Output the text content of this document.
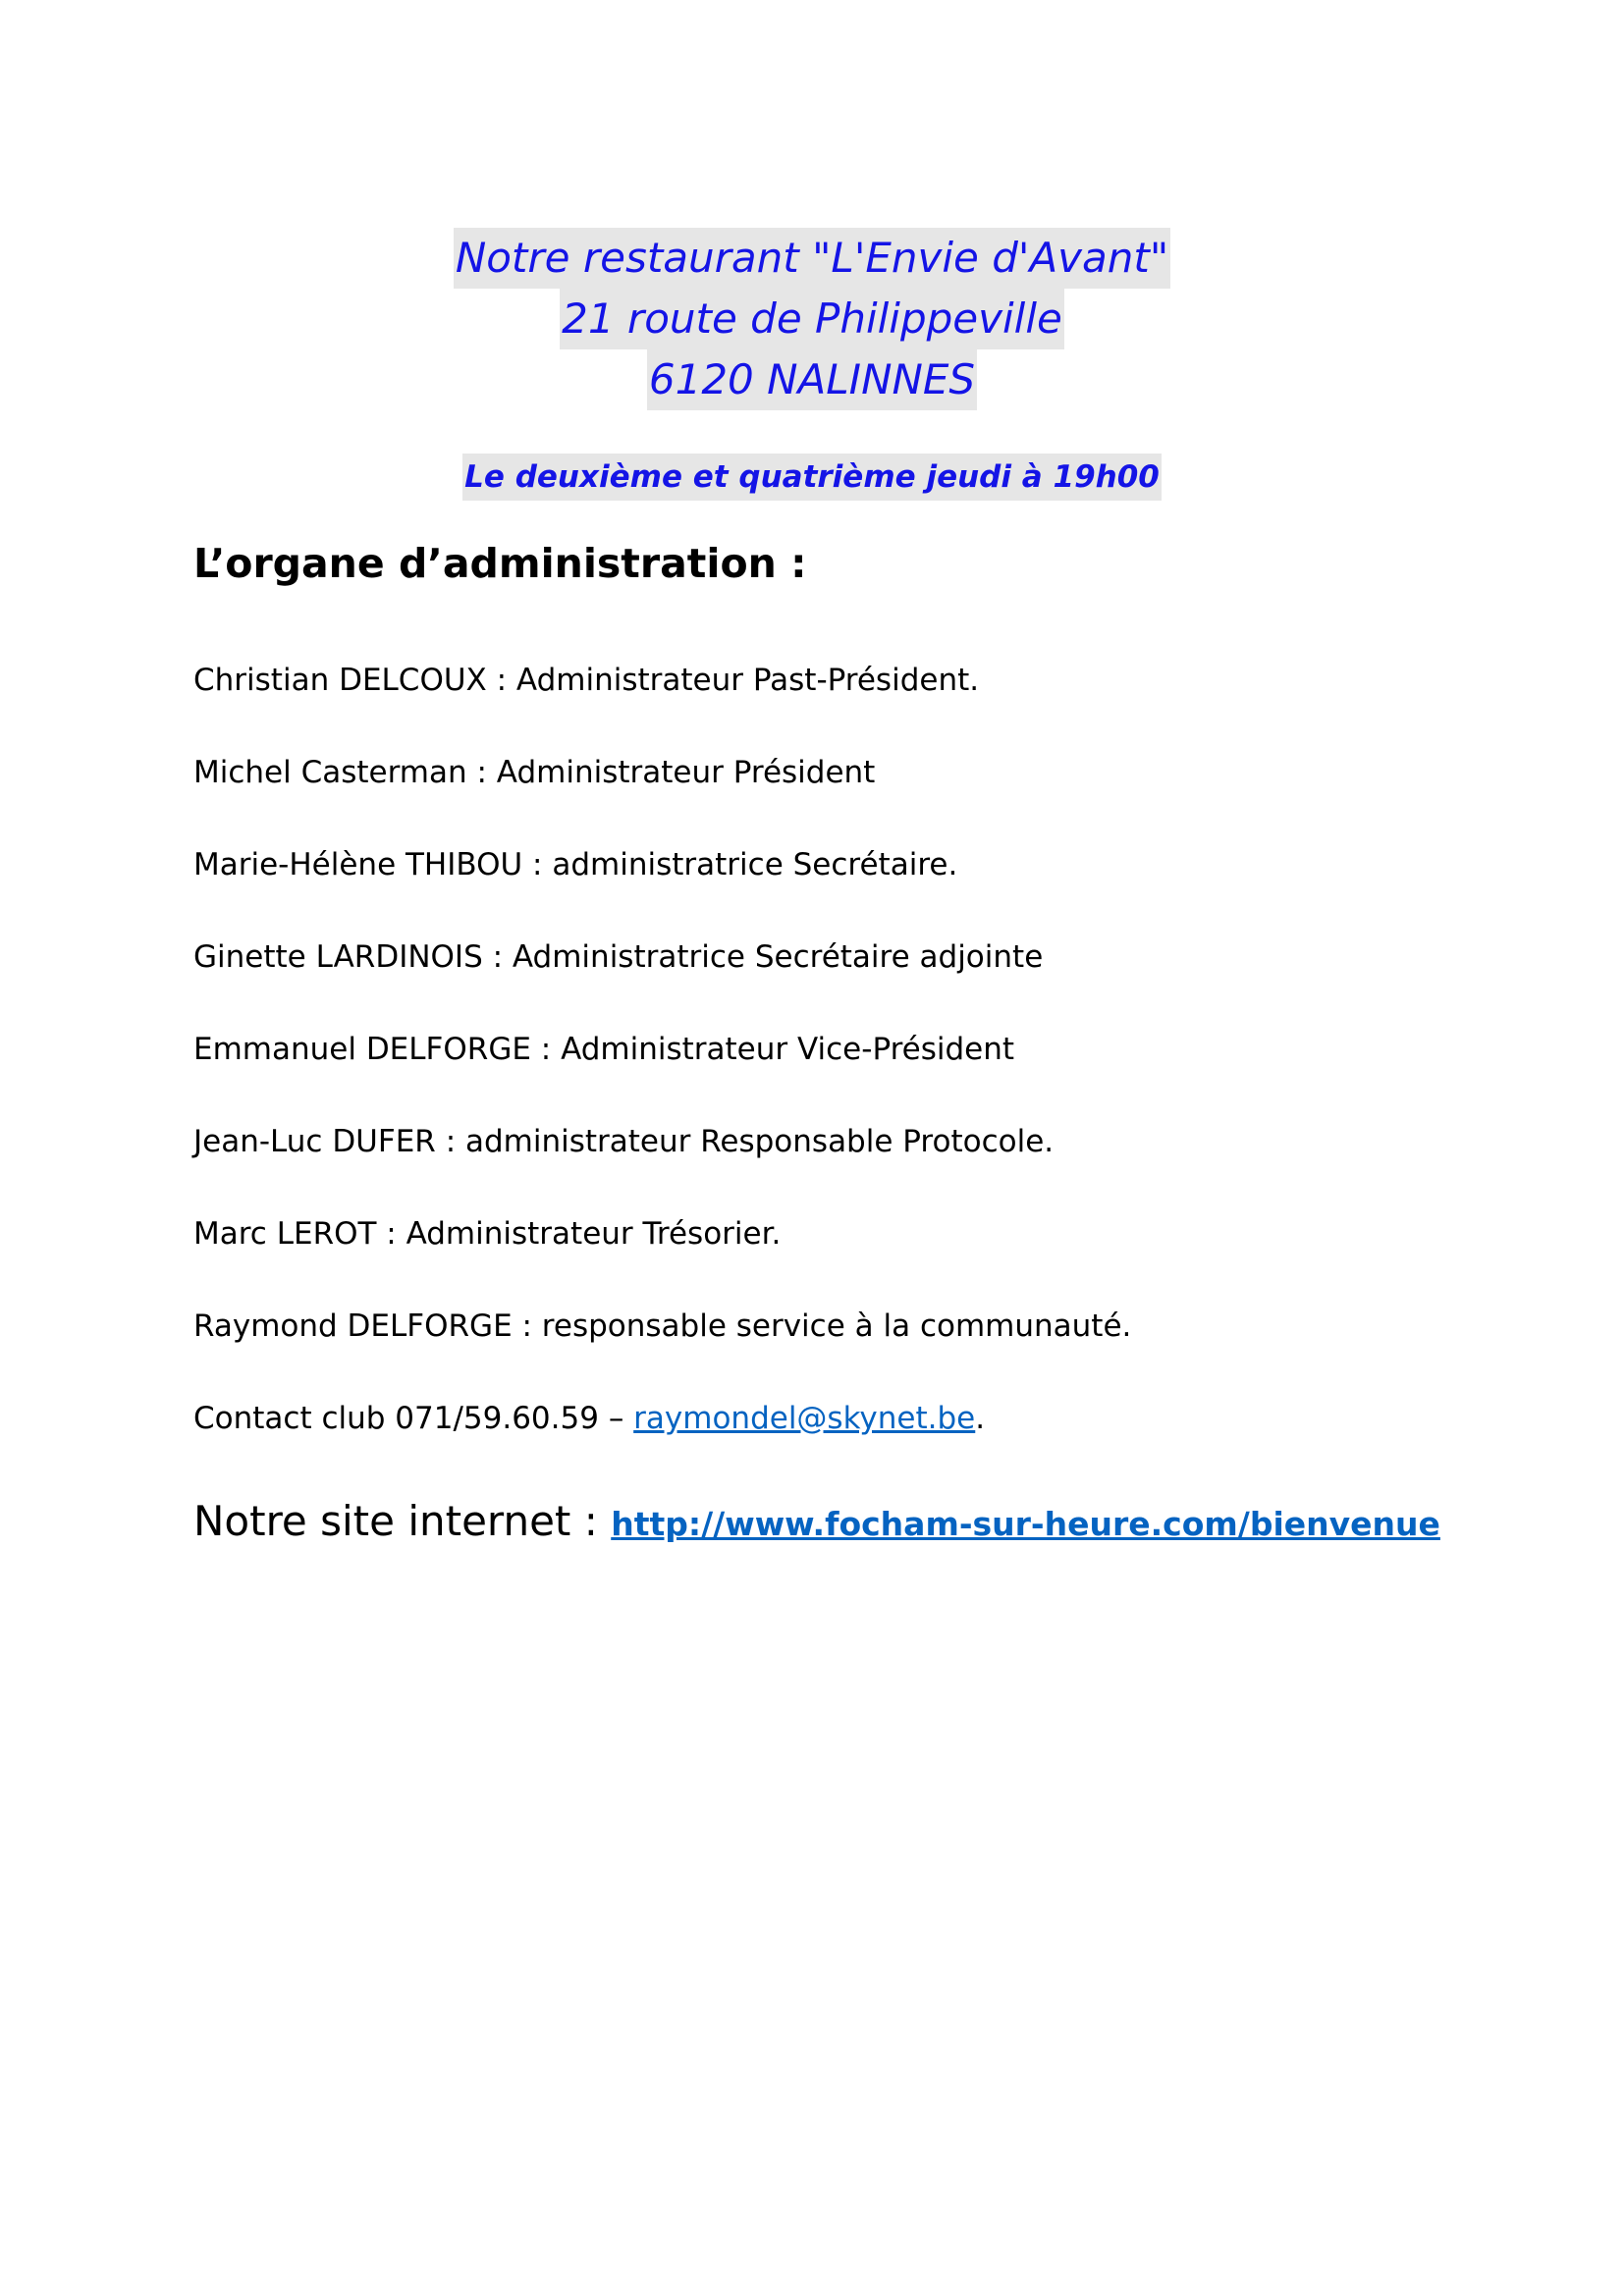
Notre restaurant "L'Envie d'Avant"
21 route de Philippeville
6120 NALINNES
Le deuxième et quatrième jeudi à 19h00
L’organe d’administration :
Christian DELCOUX : Administrateur Past-Président.
Michel Casterman : Administrateur Président
Marie-Hélène THIBOU : administratrice Secrétaire.
Ginette LARDINOIS : Administratrice Secrétaire adjointe
Emmanuel DELFORGE : Administrateur Vice-Président
Jean-Luc DUFER : administrateur Responsable Protocole.
Marc LEROT : Administrateur Trésorier.
Raymond DELFORGE : responsable service à la communauté.
Contact club 071/59.60.59 – raymondel@skynet.be.
Notre site internet : http://www.focham-sur-heure.com/bienvenue
